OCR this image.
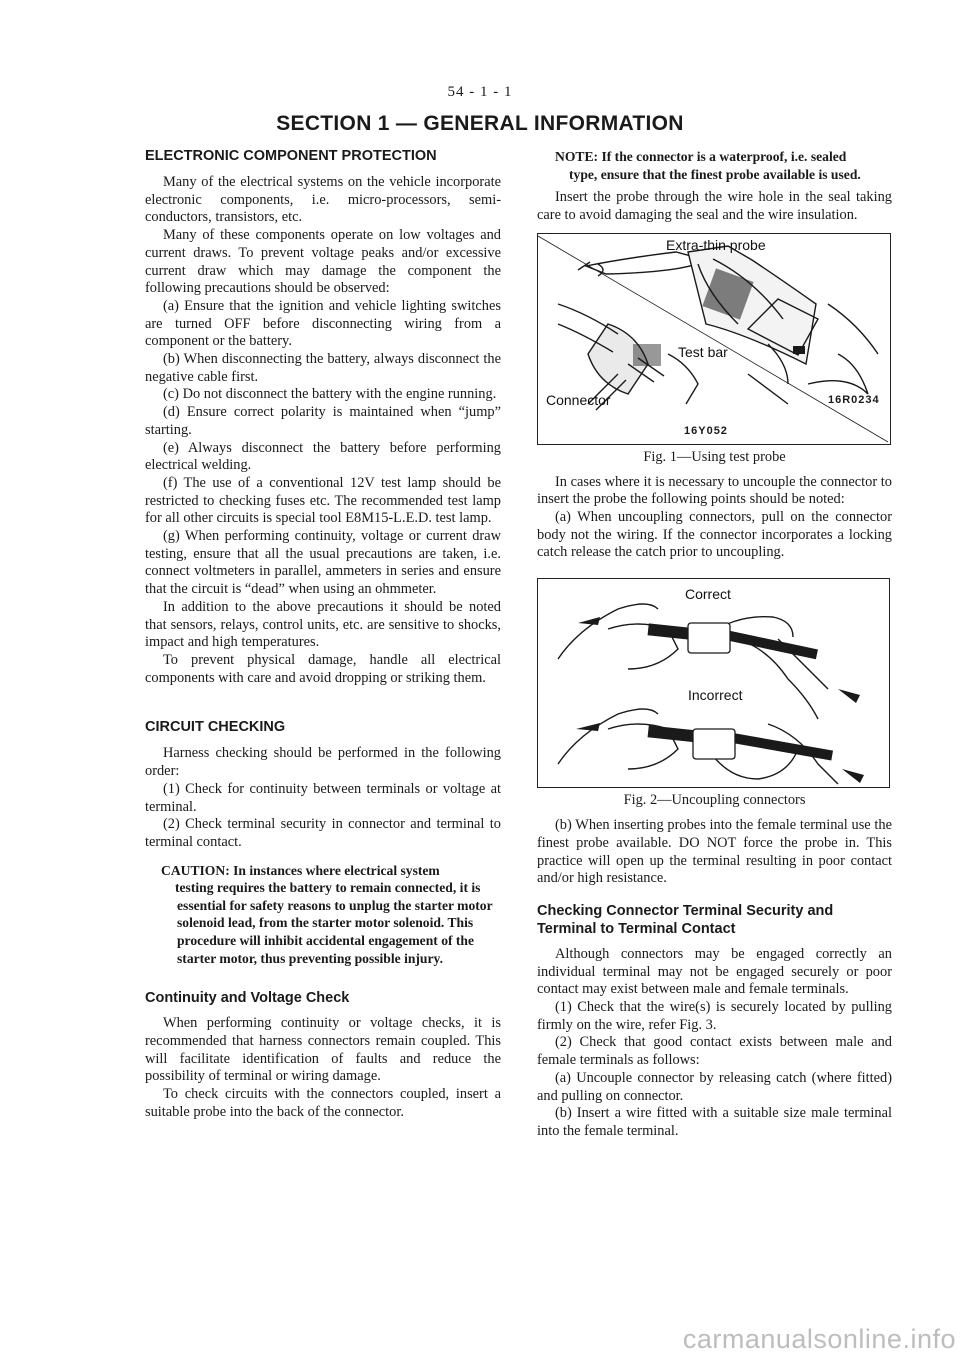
54 - 1 - 1
SECTION 1 — GENERAL INFORMATION
ELECTRONIC COMPONENT PROTECTION

Many of the electrical systems on the vehicle incorporate electronic components, i.e. micro-processors, semi-conductors, transistors, etc.

Many of these components operate on low voltages and current draws. To prevent voltage peaks and/or excessive current draw which may damage the component the following precautions should be observed:

(a) Ensure that the ignition and vehicle lighting switches are turned OFF before disconnecting wiring from a component or the battery.

(b) When disconnecting the battery, always disconnect the negative cable first.

(c) Do not disconnect the battery with the engine running.

(d) Ensure correct polarity is maintained when “jump” starting.

(e) Always disconnect the battery before performing electrical welding.

(f) The use of a conventional 12V test lamp should be restricted to checking fuses etc. The recommended test lamp for all other circuits is special tool E8M15-L.E.D. test lamp.

(g) When performing continuity, voltage or current draw testing, ensure that all the usual precautions are taken, i.e. connect voltmeters in parallel, ammeters in series and ensure that the circuit is “dead” when using an ohmmeter.

In addition to the above precautions it should be noted that sensors, relays, control units, etc. are sensitive to shocks, impact and high temperatures.

To prevent physical damage, handle all electrical components with care and avoid dropping or striking them.

CIRCUIT CHECKING

Harness checking should be performed in the following order:

(1) Check for continuity between terminals or voltage at terminal.

(2) Check terminal security in connector and terminal to terminal contact.

CAUTION: In instances where electrical system
testing requires the battery to remain connected, it is essential for safety reasons to unplug the starter motor solenoid lead, from the starter motor solenoid. This procedure will inhibit accidental engagement of the starter motor, thus preventing possible injury.
Continuity and Voltage Check

When performing continuity or voltage checks, it is recommended that harness connectors remain coupled. This will facilitate identification of faults and reduce the possibility of terminal or wiring damage.

To check circuits with the connectors coupled, insert a suitable probe into the back of the connector.

NOTE: If the connector is a waterproof, i.e. sealed
type, ensure that the finest probe available is used.

Insert the probe through the wire hole in the seal taking care to avoid damaging the seal and the wire insulation.

Extra-thin probe
Test bar
Connector	16R0234
16Y052
Fig. 1—Using test probe

In cases where it is necessary to uncouple the connector to insert the probe the following points should be noted:

(a) When uncoupling connectors, pull on the connector body not the wiring. If the connector incorporates a locking catch release the catch prior to uncoupling.

Correct
Incorrect
Fig. 2—Uncoupling connectors

(b) When inserting probes into the female terminal use the finest probe available. DO NOT force the probe in. This practice will open up the terminal resulting in poor contact and/or high resistance.

Checking Connector Terminal Security and Terminal to Terminal Contact

Although connectors may be engaged correctly an individual terminal may not be engaged securely or poor contact may exist between male and female terminals.

(1) Check that the wire(s) is securely located by pulling firmly on the wire, refer Fig. 3.

(2) Check that good contact exists between male and female terminals as follows:

(a) Uncouple connector by releasing catch (where fitted) and pulling on connector.

(b) Insert a wire fitted with a suitable size male terminal into the female terminal.

carmanualsonline.info
